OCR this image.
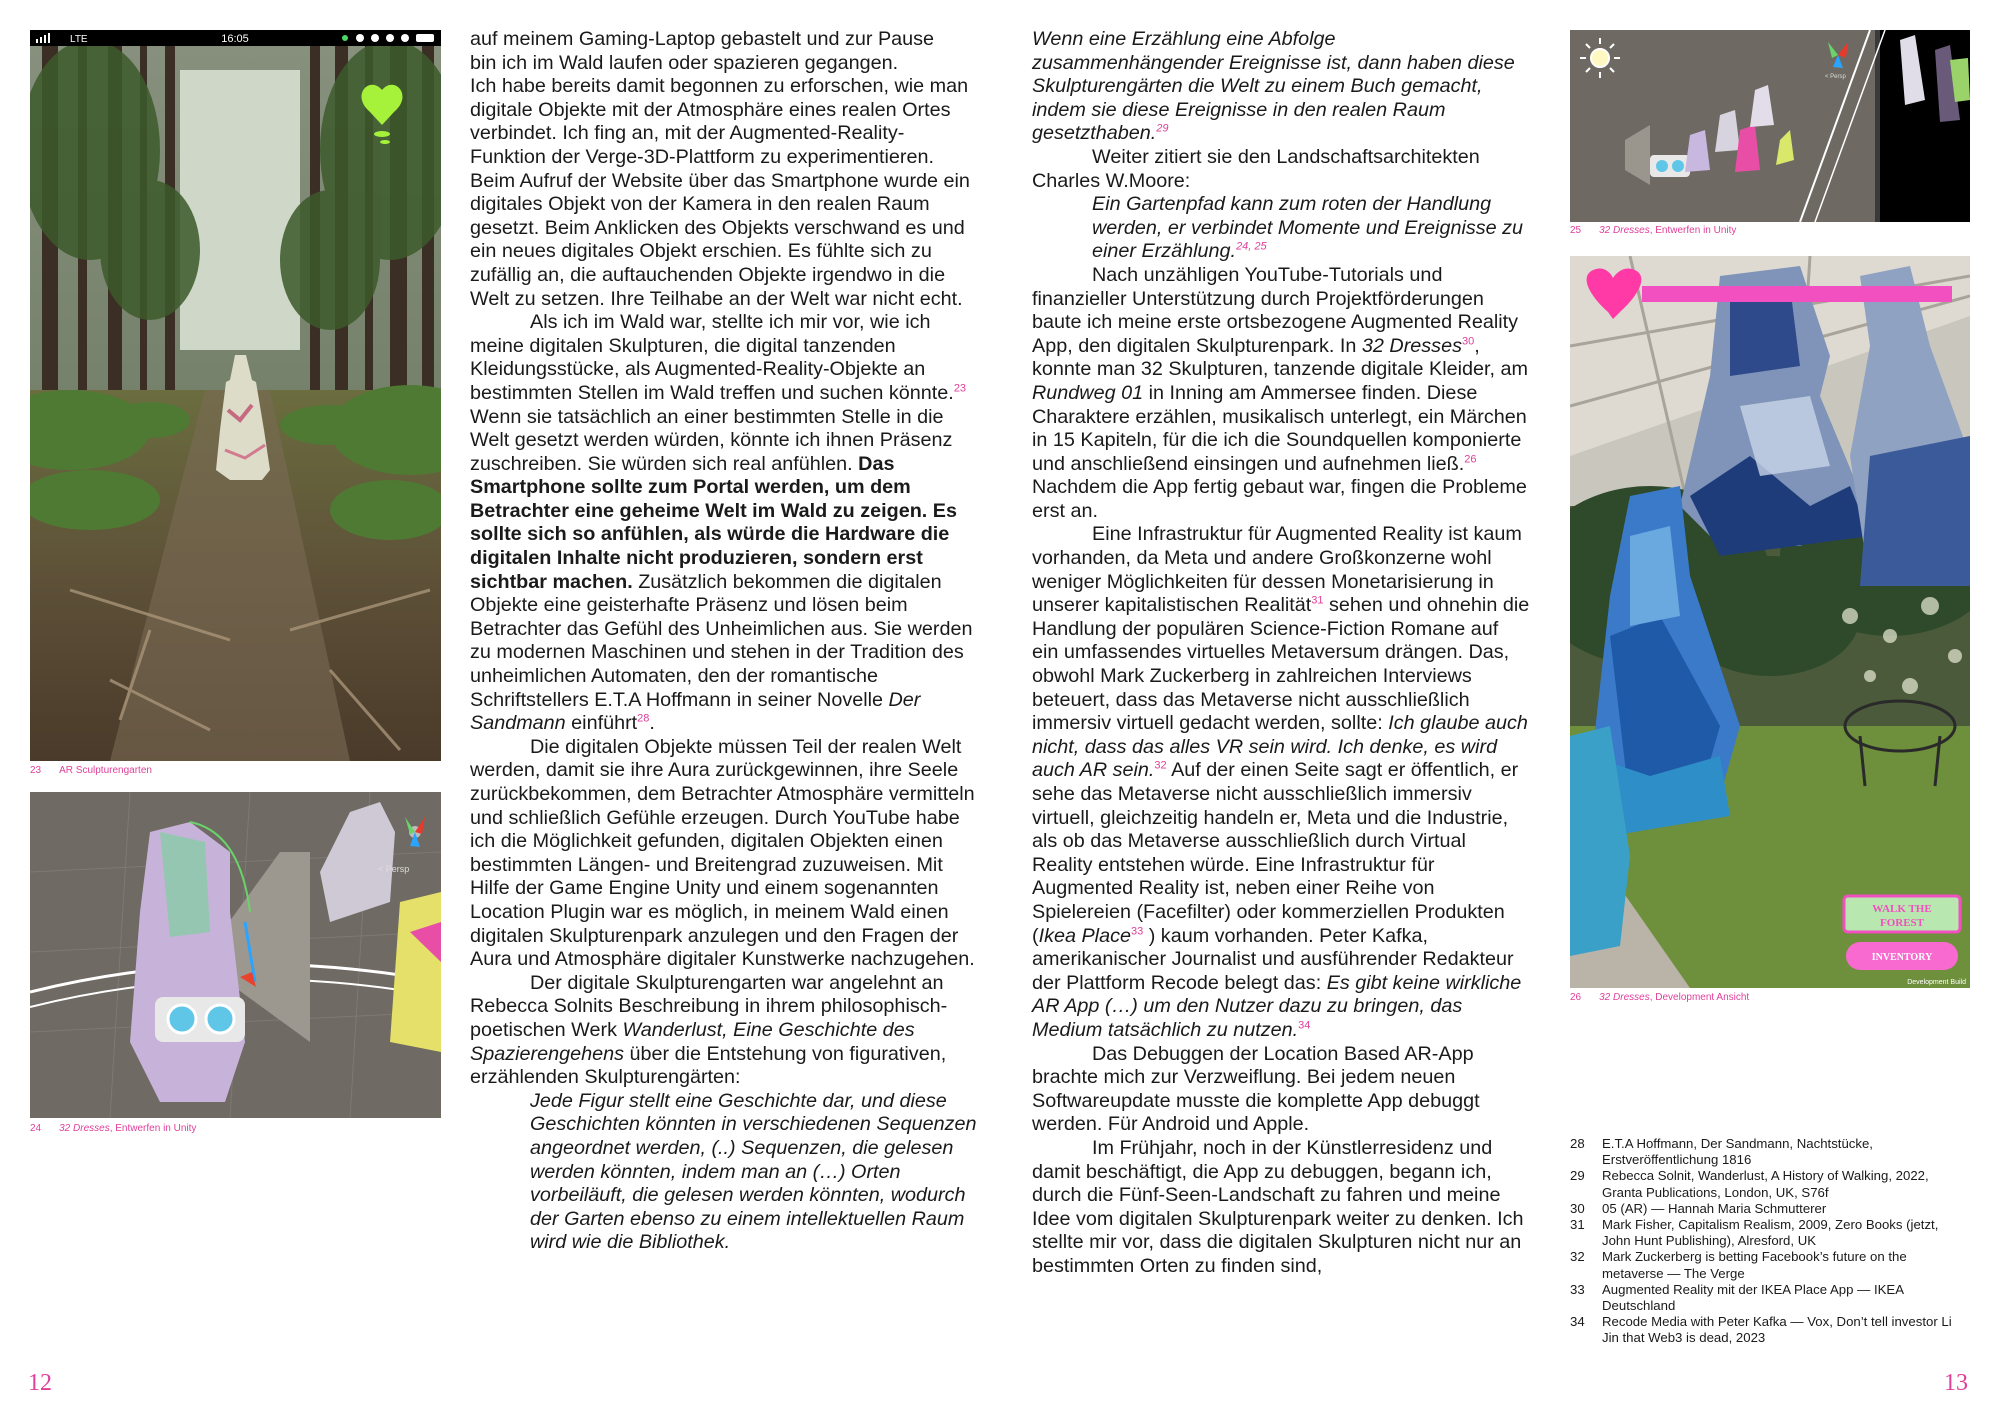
LTE	16:05
23 AR Sculpturengarten
< Persp
24 32 Dresses, Entwerfen in Unity
< Persp
25 32 Dresses, Entwerfen in Unity
WALK THE
FOREST
INVENTORY
Development Build
26 32 Dresses, Development Ansicht

auf meinem Gaming-Laptop gebastelt und zur Pause

bin ich im Wald laufen oder spazieren gegangen.

Ich habe bereits damit begonnen zu erforschen, wie man digitale Objekte mit der Atmosphäre eines realen Ortes verbindet. Ich fing an, mit der Augmented-Reality-Funktion der Verge-3D-Plattform zu experimentieren. Beim Aufruf der Website über das Smartphone wurde ein digitales Objekt von der Kamera in den realen Raum gesetzt. Beim Anklicken des Objekts verschwand es und ein neues digitales Objekt erschien. Es fühlte sich zu zufällig an, die auftauchenden Objekte irgendwo in die Welt zu setzen. Ihre Teilhabe an der Welt war nicht echt.

Als ich im Wald war, stellte ich mir vor, wie ich meine digitalen Skulpturen, die digital tanzenden Kleidungsstücke, als Augmented-Reality-Objekte an bestimmten Stellen im Wald treffen und suchen könnte.$^{23}$ Wenn sie tatsächlich an einer bestimmten Stelle in die Welt gesetzt werden würden, könnte ich ihnen Präsenz zuschreiben. Sie würden sich real anfühlen. Das Smartphone sollte zum Portal werden, um dem Betrachter eine geheime Welt im Wald zu zeigen. Es sollte sich so anfühlen, als würde die Hardware die digitalen Inhalte nicht produzieren, sondern erst sichtbar machen. Zusätzlich bekommen die digitalen Objekte eine geisterhafte Präsenz und lösen beim Betrachter das Gefühl des Unheimlichen aus. Sie werden zu modernen Maschinen und stehen in der Tradition des unheimlichen Automaten, den der romantische Schriftstellers E.T.A Hoffmann in seiner Novelle Der Sandmann einführt$^{28}$.

Die digitalen Objekte müssen Teil der realen Welt werden, damit sie ihre Aura zurückgewinnen, ihre Seele zurückbekommen, dem Betrachter Atmosphäre vermitteln und schließlich Gefühle erzeugen. Durch YouTube habe ich die Möglichkeit gefunden, digitalen Objekten einen bestimmten Längen- und Breitengrad zuzuweisen. Mit Hilfe der Game Engine Unity und einem sogenannten Location Plugin war es möglich, in meinem Wald einen digitalen Skulpturenpark anzulegen und den Fragen der Aura und Atmosphäre digitaler Kunstwerke nachzugehen.

Der digitale Skulpturengarten war angelehnt an Rebecca Solnits Beschreibung in ihrem philosophisch-poetischen Werk Wanderlust, Eine Geschichte des Spazierengehens über die Entstehung von figurativen, erzählenden Skulpturengärten:

Jede Figur stellt eine Geschichte dar, und diese Geschichten könnten in verschiedenen Sequenzen angeordnet werden, (..) Sequenzen, die gelesen werden könnten, indem man an (…) Orten vorbeiläuft, die gelesen werden könnten, wodurch der Garten ebenso zu einem intellektuellen Raum wird wie die Bibliothek.

Wenn eine Erzählung eine Abfolge zusammenhängender Ereignisse ist, dann haben diese Skulpturengärten die Welt zu einem Buch gemacht, indem sie diese Ereignisse in den realen Raum gesetzthaben.$^{29}$

Weiter zitiert sie den Landschaftsarchitekten Charles W.Moore:

Ein Gartenpfad kann zum roten der Handlung werden, er verbindet Momente und Ereignisse zu einer Erzählung.$^{24, 25}$

Nach unzähligen YouTube-Tutorials und finanzieller Unterstützung durch Projektförderungen baute ich meine erste ortsbezogene Augmented Reality App, den digitalen Skulpturenpark. In 32 Dresses$^{30}$, konnte man 32 Skulpturen, tanzende digitale Kleider, am Rundweg 01 in Inning am Ammersee finden. Diese Charaktere erzählen, musikalisch unterlegt, ein Märchen in 15 Kapiteln, für die ich die Soundquellen komponierte und anschließend einsingen und aufnehmen ließ.$^{26}$ Nachdem die App fertig gebaut war, fingen die Probleme erst an.

Eine Infrastruktur für Augmented Reality ist kaum vorhanden, da Meta und andere Großkonzerne wohl weniger Möglichkeiten für dessen Monetarisierung in unserer kapitalistischen Realität$^{31}$ sehen und ohnehin die Handlung der populären Science-Fiction Romane auf ein umfassendes virtuelles Metaversum drängen. Das, obwohl Mark Zuckerberg in zahlreichen Interviews beteuert, dass das Metaverse nicht ausschließlich immersiv virtuell gedacht werden, sollte: Ich glaube auch nicht, dass das alles VR sein wird. Ich denke, es wird auch AR sein.$^{32}$ Auf der einen Seite sagt er öffentlich, er sehe das Metaverse nicht ausschließlich immersiv virtuell, gleichzeitig handeln er, Meta und die Industrie, als ob das Metaverse ausschließlich durch Virtual Reality entstehen würde. Eine Infrastruktur für Augmented Reality ist, neben einer Reihe von Spielereien (Facefilter) oder kommerziellen Produkten (Ikea Place$^{33}$ ) kaum vorhanden. Peter Kafka, amerikanischer Journalist und ausführender Redakteur der Plattform Recode belegt das: Es gibt keine wirkliche AR App (…) um den Nutzer dazu zu bringen, das Medium tatsächlich zu nutzen.$^{34}$

Das Debuggen der Location Based AR-App brachte mich zur Verzweiflung. Bei jedem neuen Softwareupdate musste die komplette App debuggt werden. Für Android und Apple.

Im Frühjahr, noch in der Künstlerresidenz und damit beschäftigt, die App zu debuggen, begann ich, durch die Fünf-Seen-Landschaft zu fahren und meine Idee vom digitalen Skulpturenpark weiter zu denken. Ich stellte mir vor, dass die digitalen Skulpturen nicht nur an bestimmten Orten zu finden sind,

28	E.T.A Hoffmann, Der Sandmann, Nachtstücke, Erstveröffentlichung 1816
29	Rebecca Solnit, Wanderlust, A History of Walking, 2022, Granta Publications, London, UK, S76f
30	05 (AR) — Hannah Maria Schmutterer
31	Mark Fisher, Capitalism Realism, 2009, Zero Books (jetzt, John Hunt Publishing), Alresford, UK
32	Mark Zuckerberg is betting Facebook’s future on the metaverse — The Verge
33	Augmented Reality mit der IKEA Place App — IKEA Deutschland
34	Recode Media with Peter Kafka — Vox, Don’t tell investor Li Jin that Web3 is dead, 2023
12	13
